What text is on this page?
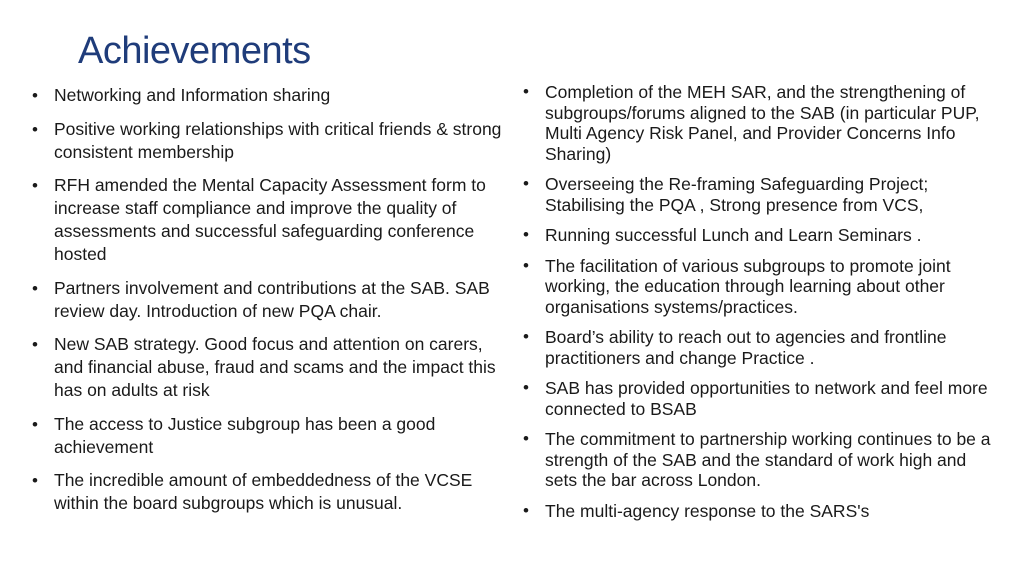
Achievements
• Networking and Information sharing
• Positive working relationships with critical friends & strong consistent membership
• RFH amended the Mental Capacity Assessment form to increase staff compliance and improve the quality of assessments and successful safeguarding conference hosted
• Partners involvement and contributions at the SAB. SAB review day. Introduction of new PQA chair.
• New SAB strategy. Good focus and attention on carers, and financial abuse, fraud and scams and the impact this has on adults at risk
• The access to Justice subgroup has been a good achievement
• The incredible amount of embeddedness of the VCSE within the board subgroups which is unusual.
• Completion of the MEH SAR, and the strengthening of subgroups/forums aligned to the SAB (in particular PUP, Multi Agency Risk Panel, and Provider Concerns Info Sharing)
• Overseeing the Re-framing Safeguarding Project; Stabilising the PQA , Strong presence from VCS,
• Running successful Lunch and Learn Seminars .
• The facilitation of various subgroups to promote joint working, the education through learning about other organisations systems/practices.
• Board’s ability to reach out to agencies and frontline practitioners and change Practice .
• SAB has provided opportunities to network and feel more connected to BSAB
• The commitment to partnership working continues to be a strength of the SAB and the standard of work high and sets the bar across London.
• The multi-agency response to the SARS's
